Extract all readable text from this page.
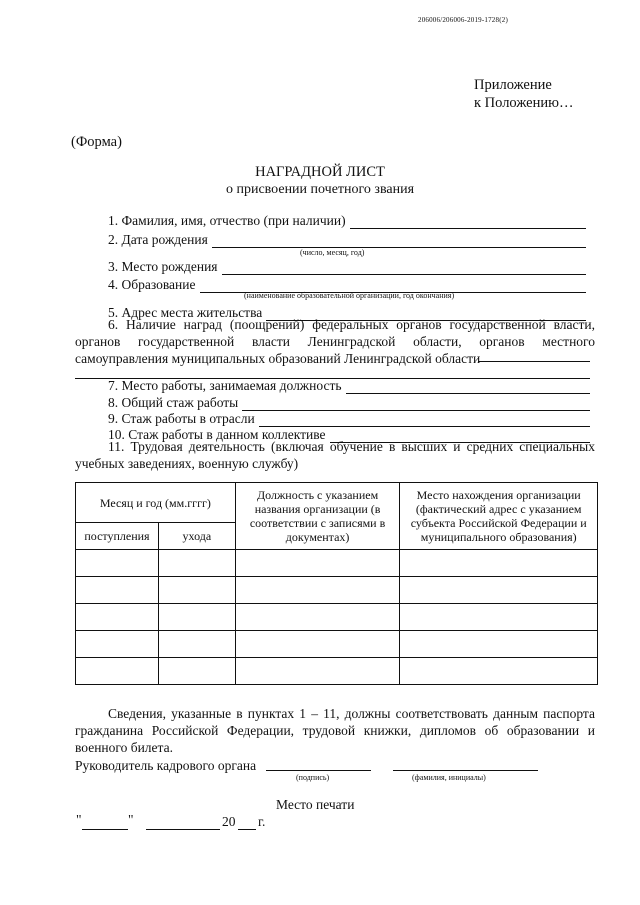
206006/206006-2019-1728(2)
Приложение
к Положению…
(Форма)
НАГРАДНОЙ ЛИСТ
о присвоении почетного звания
1. Фамилия, имя, отчество (при наличии)
2. Дата рождения
(число, месяц, год)
3. Место рождения
4. Образование
(наименование образовательной организации, год окончания)
5. Адрес места жительства
6. Наличие наград (поощрений) федеральных органов государственной власти, органов государственной власти Ленинградской области, органов местного самоуправления муниципальных образований Ленинградской области
7. Место работы, занимаемая должность
8. Общий стаж работы
9. Стаж работы в отрасли
10. Стаж работы в данном коллективе
11. Трудовая деятельность (включая обучение в высших и средних специальных учебных заведениях, военную службу)
Месяц и год (мм.гггг)		Должность с указанием названия организации (в соответствии с записями в документах)	Место нахождения организации (фактический адрес с указанием субъекта Российской Федерации и муниципального образования)
поступления	ухода		

Сведения, указанные в пунктах 1 – 11, должны соответствовать данным паспорта гражданина Российской Федерации, трудовой книжки, дипломов об образовании и военного билета.
Руководитель кадрового органа
(подпись)	(фамилия, инициалы)
Место печати
"	"	20 г.
